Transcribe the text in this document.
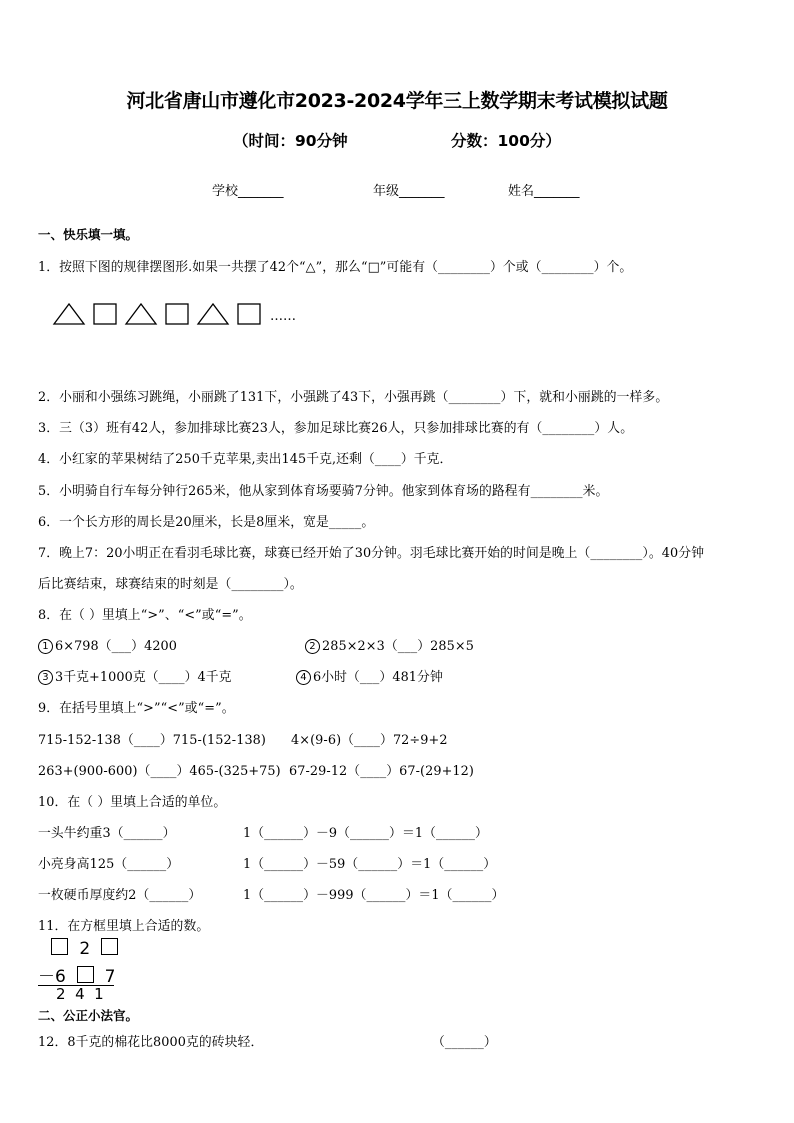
河北省唐山市遵化市2023-2024学年三上数学期末考试模拟试题
（时间：90分钟	分数：100分）
学校_______	年级_______	姓名_______
一、快乐填一填。
1．按照下图的规律摆图形.如果一共摆了42个“△”，那么“□”可能有（________）个或（________）个。
……
2．小丽和小强练习跳绳，小丽跳了131下，小强跳了43下，小强再跳（________）下，就和小丽跳的一样多。
3．三（3）班有42人，参加排球比赛23人，参加足球比赛26人，只参加排球比赛的有（________）人。
4．小红家的苹果树结了250千克苹果,卖出145千克,还剩（____）千克．
5．小明骑自行车每分钟行265米，他从家到体育场要骑7分钟。他家到体育场的路程有________米。
6．一个长方形的周长是20厘米，长是8厘米，宽是_____。
7．晚上7：20小明正在看羽毛球比赛，球赛已经开始了30分钟。羽毛球比赛开始的时间是晚上（________）。40分钟
后比赛结束，球赛结束的时刻是（________）。
8．在（ ）里填上“>”、“<”或“=”。
1 6×798（___）4200	2 285×2×3（___）285×5
3 3千克+1000克（____）4千克	4 6小时（___）481分钟
9．在括号里填上“>”“<”或“=”。
715-152-138（____）715-(152-138) 4×(9-6)（____）72÷9+2
263+(900-600)（____）465-(325+75) 67-29-12（____）67-(29+12)
10．在（ ）里填上合适的单位。
一头牛约重3（______）	1（______）－9（______）＝1（______）
小亮身高125（______）	1（______）－59（______）＝1（______）
一枚硬币厚度约2（______）	1（______）－999（______）＝1（______）
11．在方框里填上合适的数。
2
－6 7
2  4  1
二、公正小法官。
12．8千克的棉花比8000克的砖块轻．	（______）
